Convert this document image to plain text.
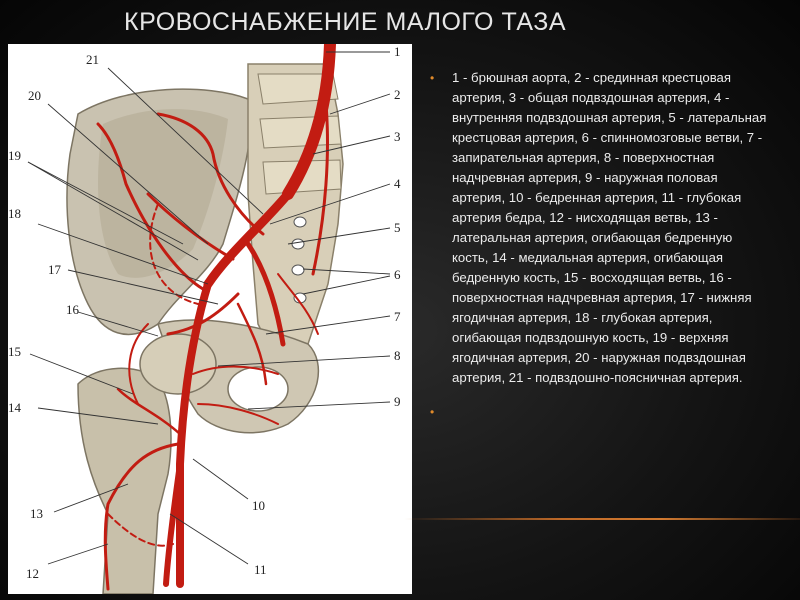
КРОВОСНАБЖЕНИЕ МАЛОГО ТАЗА
1
2
3
4
5
6
7
8
9
21
20
19
18
17
16
15
14
13
12
10
11
•	1 - брюшная аорта, 2 - срединная крестцовая артерия, 3 - общая подвздошная артерия, 4 - внутренняя подвздошная артерия, 5 - латеральная крестцовая артерия, 6 - спинномозговые ветви, 7 - запирательная артерия, 8 - поверхностная надчревная артерия, 9 - наружная половая артерия, 10 - бедренная артерия, 11 - глубокая артерия бедра, 12 - нисходящая ветвь, 13 - латеральная артерия, огибающая бедренную кость, 14 - медиальная артерия, огибающая бедренную кость, 15 - восходящая ветвь, 16 - поверхностная надчревная артерия, 17 - нижняя ягодичная артерия, 18 - глубокая артерия, огибающая подвздошную кость, 19 - верхняя ягодичная артерия, 20 - наружная подвздошная артерия, 21 - подвздошно-поясничная артерия.
•
